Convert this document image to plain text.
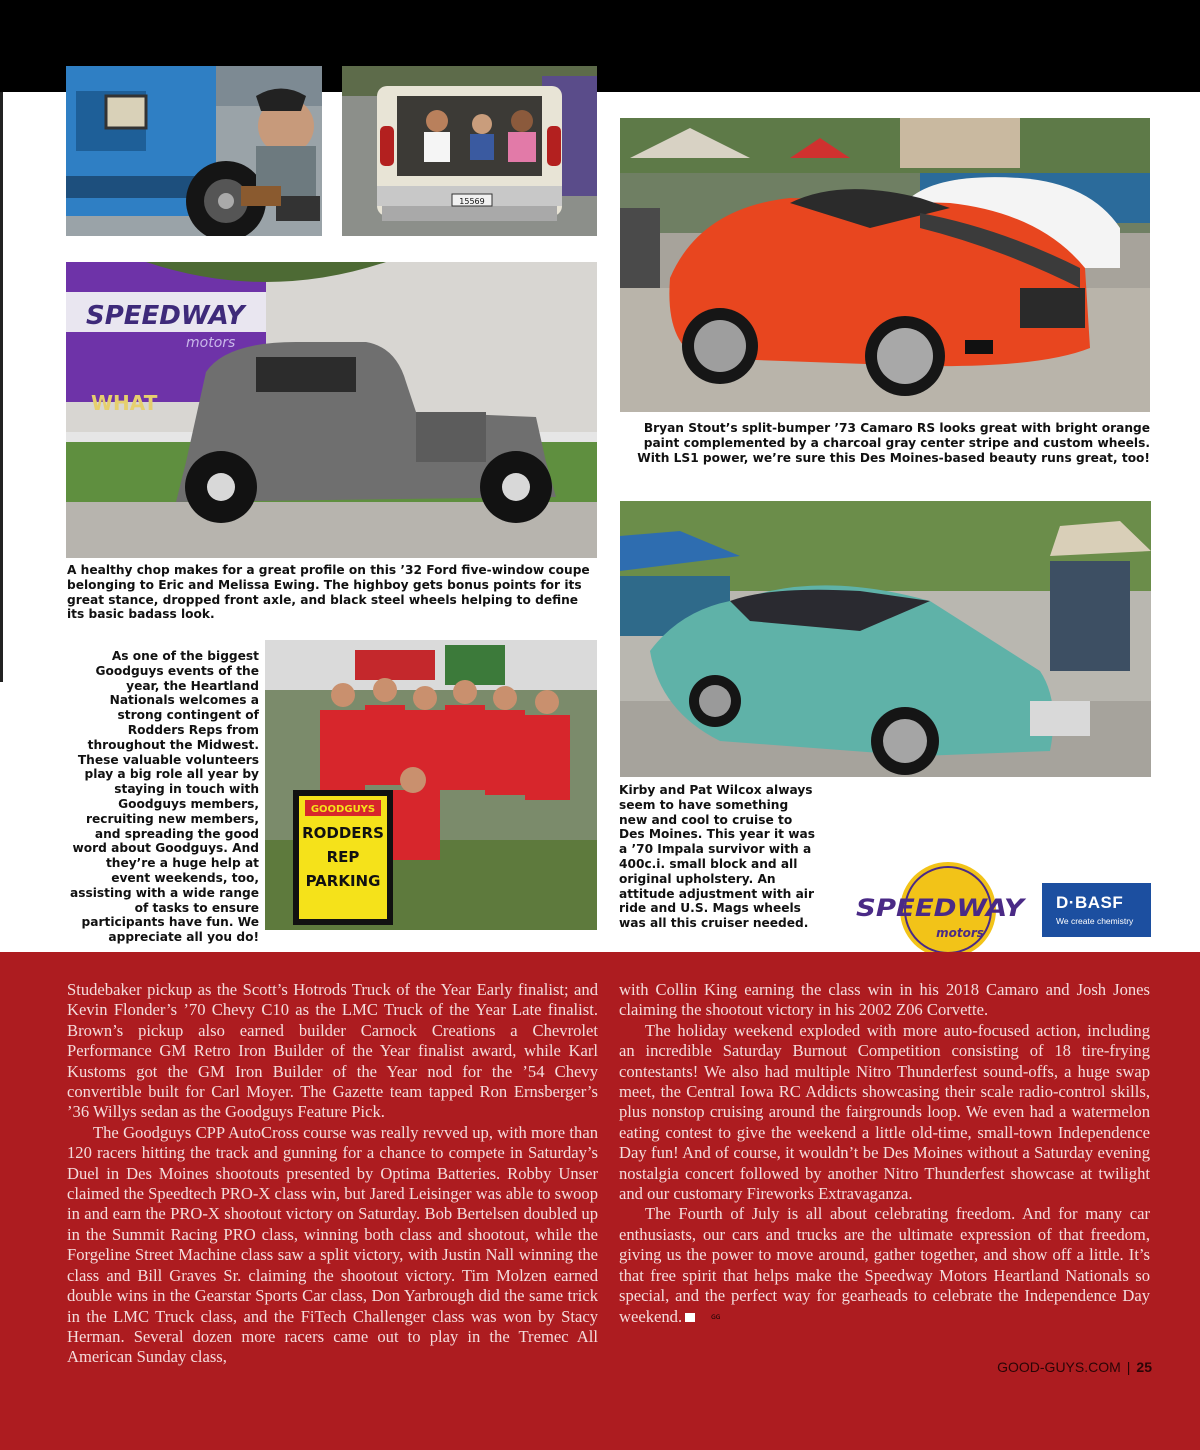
15569
SPEEDWAY
motors
WHAT
GOODGUYS
RODDERS
REP
PARKING
A healthy chop makes for a great profile on this ’32 Ford five-window coupe belonging to Eric and Melissa Ewing. The highboy gets bonus points for its great stance, dropped front axle, and black steel wheels helping to define its basic badass look.
Bryan Stout’s split-bumper ’73 Camaro RS looks great with bright orange paint complemented by a charcoal gray center stripe and custom wheels. With LS1 power, we’re sure this Des Moines-based beauty runs great, too!
As one of the biggest Goodguys events of the year, the Heartland Nationals welcomes a strong contingent of Rodders Reps from throughout the Midwest. These valuable volunteers play a big role all year by staying in touch with Goodguys members, recruiting new members, and spreading the good word about Goodguys. And they’re a huge help at event weekends, too, assisting with a wide range of tasks to ensure participants have fun. We appreciate all you do!
Kirby and Pat Wilcox always seem to have something new and cool to cruise to Des Moines. This year it was a ’70 Impala survivor with a 400c.i. small block and all original upholstery. An attitude adjustment with air ride and U.S. Mags wheels was all this cruiser needed.
SPEEDWAY
motors
D·BASF
We create chemistry

Studebaker pickup as the Scott’s Hotrods Truck of the Year Early finalist; and Kevin Flonder’s ’70 Chevy C10 as the LMC Truck of the Year Late finalist. Brown’s pickup also earned builder Carnock Creations a Chevrolet Performance GM Retro Iron Builder of the Year finalist award, while Karl Kustoms got the GM Iron Builder of the Year nod for the ’54 Chevy convertible built for Carl Moyer. The Gazette team tapped Ron Ernsberger’s ’36 Willys sedan as the Goodguys Feature Pick.

The Goodguys CPP AutoCross course was really revved up, with more than 120 racers hitting the track and gunning for a chance to compete in Saturday’s Duel in Des Moines shootouts presented by Optima Batteries. Robby Unser claimed the Speedtech PRO-X class win, but Jared Leisinger was able to swoop in and earn the PRO-X shootout victory on Saturday. Bob Bertelsen doubled up in the Summit Racing PRO class, winning both class and shootout, while the Forgeline Street Machine class saw a split victory, with Justin Nall winning the class and Bill Graves Sr. claiming the shootout victory. Tim Molzen earned double wins in the Gearstar Sports Car class, Don Yarbrough did the same trick in the LMC Truck class, and the FiTech Challenger class was won by Stacy Herman. Several dozen more racers came out to play in the Tremec All American Sunday class,

with Collin King earning the class win in his 2018 Camaro and Josh Jones claiming the shootout victory in his 2002 Z06 Corvette.

The holiday weekend exploded with more auto-focused action, including an incredible Saturday Burnout Competition consisting of 18 tire-frying contestants! We also had multiple Nitro Thunderfest sound-offs, a huge swap meet, the Central Iowa RC Addicts showcasing their scale radio-control skills, plus nonstop cruising around the fairgrounds loop. We even had a watermelon eating contest to give the weekend a little old-time, small-town Independence Day fun! And of course, it wouldn’t be Des Moines without a Saturday evening nostalgia concert followed by another Nitro Thunderfest showcase at twilight and our customary Fireworks Extravaganza.

The Fourth of July is all about celebrating freedom. And for many car enthusiasts, our cars and trucks are the ultimate expression of that freedom, giving us the power to move around, gather together, and show off a little. It’s that free spirit that helps make the Speedway Motors Heartland Nationals so special, and the perfect way for gearheads to celebrate the Independence Day weekend.	GG

GOOD-GUYS.COM | 25
